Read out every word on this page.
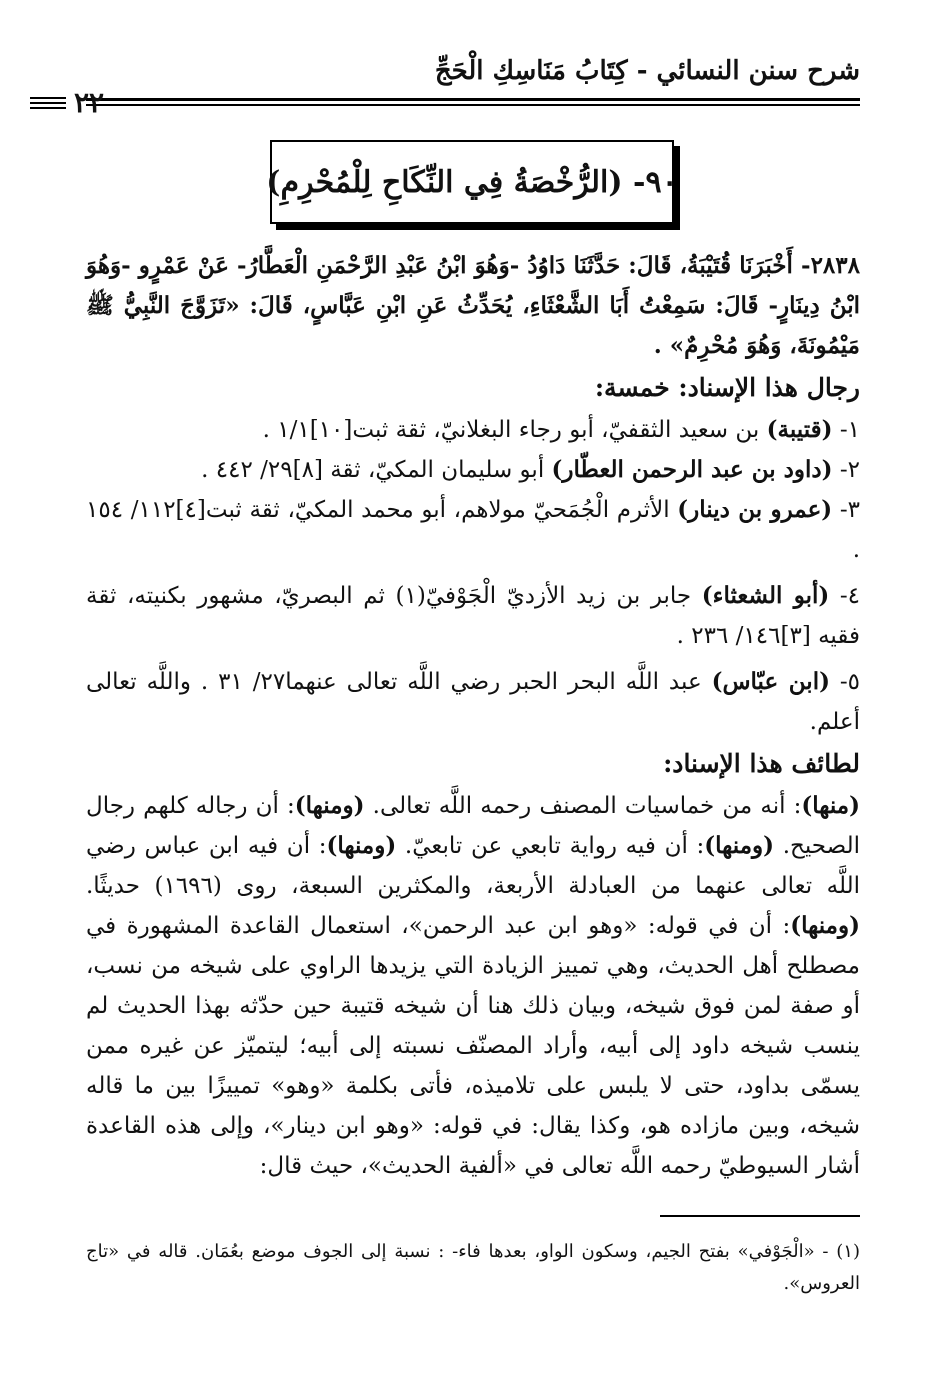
شرح سنن النسائي - كِتَابُ مَنَاسِكِ الْحَجِّ
٢٢
٩٠- (الرُّخْصَةُ فِي النِّكَاحِ لِلْمُحْرِمِ)

٢٨٣٨- أَخْبَرَنَا قُتَيْبَةُ، قَالَ: حَدَّثَنَا دَاوُدُ -وَهُوَ ابْنُ عَبْدِ الرَّحْمَنِ الْعَطَّارُ- عَنْ عَمْرٍو -وَهُوَ ابْنُ دِينَارٍ- قَالَ: سَمِعْتُ أَبَا الشَّعْثَاءِ، يُحَدِّثُ عَنِ ابْنِ عَبَّاسٍ، قَالَ: «تَزَوَّجَ النَّبِيُّ ﷺ مَيْمُونَةَ، وَهُوَ مُحْرِمٌ» .

رجال هذا الإسناد: خمسة:

١- (قتيبة) بن سعيد الثقفيّ، أبو رجاء البغلانيّ، ثقة ثبت[١٠]١/١ .

٢- (داود بن عبد الرحمن العطّار) أبو سليمان المكيّ، ثقة [٨]٢٩/ ٤٤٢ .

٣- (عمرو بن دينار) الأثرم الْجُمَحيّ مولاهم، أبو محمد المكيّ، ثقة ثبت[٤]١١٢/ ١٥٤ .

٤- (أبو الشعثاء) جابر بن زيد الأزديّ الْجَوْفيّ(١) ثم البصريّ، مشهور بكنيته، ثقة فقيه [٣]١٤٦/ ٢٣٦ .

٥- (ابن عبّاس) عبد اللَّه البحر الحبر رضي اللَّه تعالى عنهما٢٧/ ٣١ . واللَّه تعالى أعلم.

لطائف هذا الإسناد:

(منها): أنه من خماسيات المصنف رحمه اللَّه تعالى. (ومنها): أن رجاله كلهم رجال الصحيح. (ومنها): أن فيه رواية تابعي عن تابعيّ. (ومنها): أن فيه ابن عباس رضي اللَّه تعالى عنهما من العبادلة الأربعة، والمكثرين السبعة، روى (١٦٩٦) حديثًا. (ومنها): أن في قوله: «وهو ابن عبد الرحمن»، استعمال القاعدة المشهورة في مصطلح أهل الحديث، وهي تمييز الزيادة التي يزيدها الراوي على شيخه من نسب، أو صفة لمن فوق شيخه، وبيان ذلك هنا أن شيخه قتيبة حين حدّثه بهذا الحديث لم ينسب شيخه داود إلى أبيه، وأراد المصنّف نسبته إلى أبيه؛ ليتميّز عن غيره ممن يسمّى بداود، حتى لا يلبس على تلاميذه، فأتى بكلمة «وهو» تمييزًا بين ما قاله شيخه، وبين مازاده هو، وكذا يقال: في قوله: «وهو ابن دينار»، وإلى هذه القاعدة أشار السيوطيّ رحمه اللَّه تعالى في «ألفية الحديث»، حيث قال:

(١) - «الْجَوْفي» بفتح الجيم، وسكون الواو، بعدها فاء- : نسبة إلى الجوف موضع بعُمَان. قاله في «تاج العروس».
